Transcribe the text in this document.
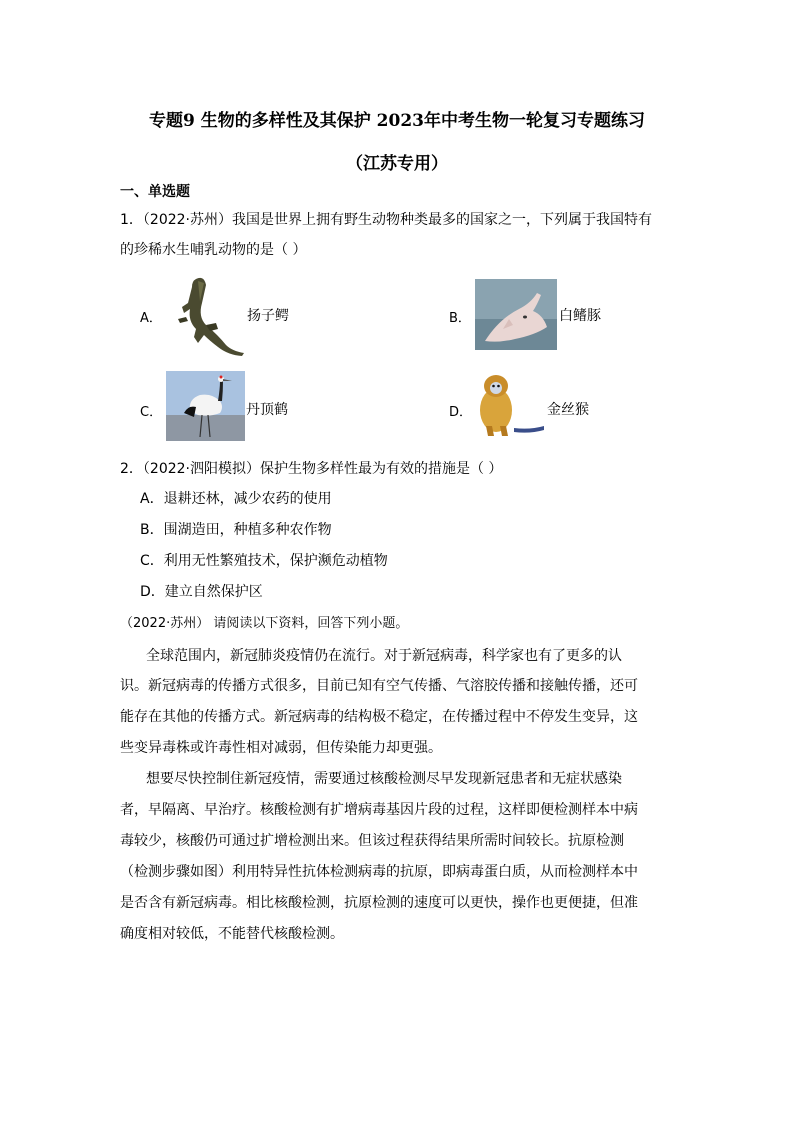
专题9 生物的多样性及其保护 2023年中考生物一轮复习专题练习
（江苏专用）
一、单选题
1．（2022·苏州）我国是世界上拥有野生动物种类最多的国家之一，下列属于我国特有
的珍稀水生哺乳动物的是（ ）
A．	扬子鳄	B．	白鳍豚
C．	丹顶鹤	D．	金丝猴
2．（2022·泗阳模拟）保护生物多样性最为有效的措施是（ ）
A．退耕还林，减少农药的使用
B．围湖造田，种植多种农作物
C．利用无性繁殖技术，保护濒危动植物
D．建立自然保护区
（2022·苏州） 请阅读以下资料，回答下列小题。
全球范围内，新冠肺炎疫情仍在流行。对于新冠病毒，科学家也有了更多的认
识。新冠病毒的传播方式很多，目前已知有空气传播、气溶胶传播和接触传播，还可
能存在其他的传播方式。新冠病毒的结构极不稳定，在传播过程中不停发生变异，这
些变异毒株或许毒性相对减弱，但传染能力却更强。
想要尽快控制住新冠疫情，需要通过核酸检测尽早发现新冠患者和无症状感染
者，早隔离、早治疗。核酸检测有扩增病毒基因片段的过程，这样即便检测样本中病
毒较少，核酸仍可通过扩增检测出来。但该过程获得结果所需时间较长。抗原检测
（检测步骤如图）利用特异性抗体检测病毒的抗原，即病毒蛋白质，从而检测样本中
是否含有新冠病毒。相比核酸检测，抗原检测的速度可以更快，操作也更便捷，但准
确度相对较低，不能替代核酸检测。
